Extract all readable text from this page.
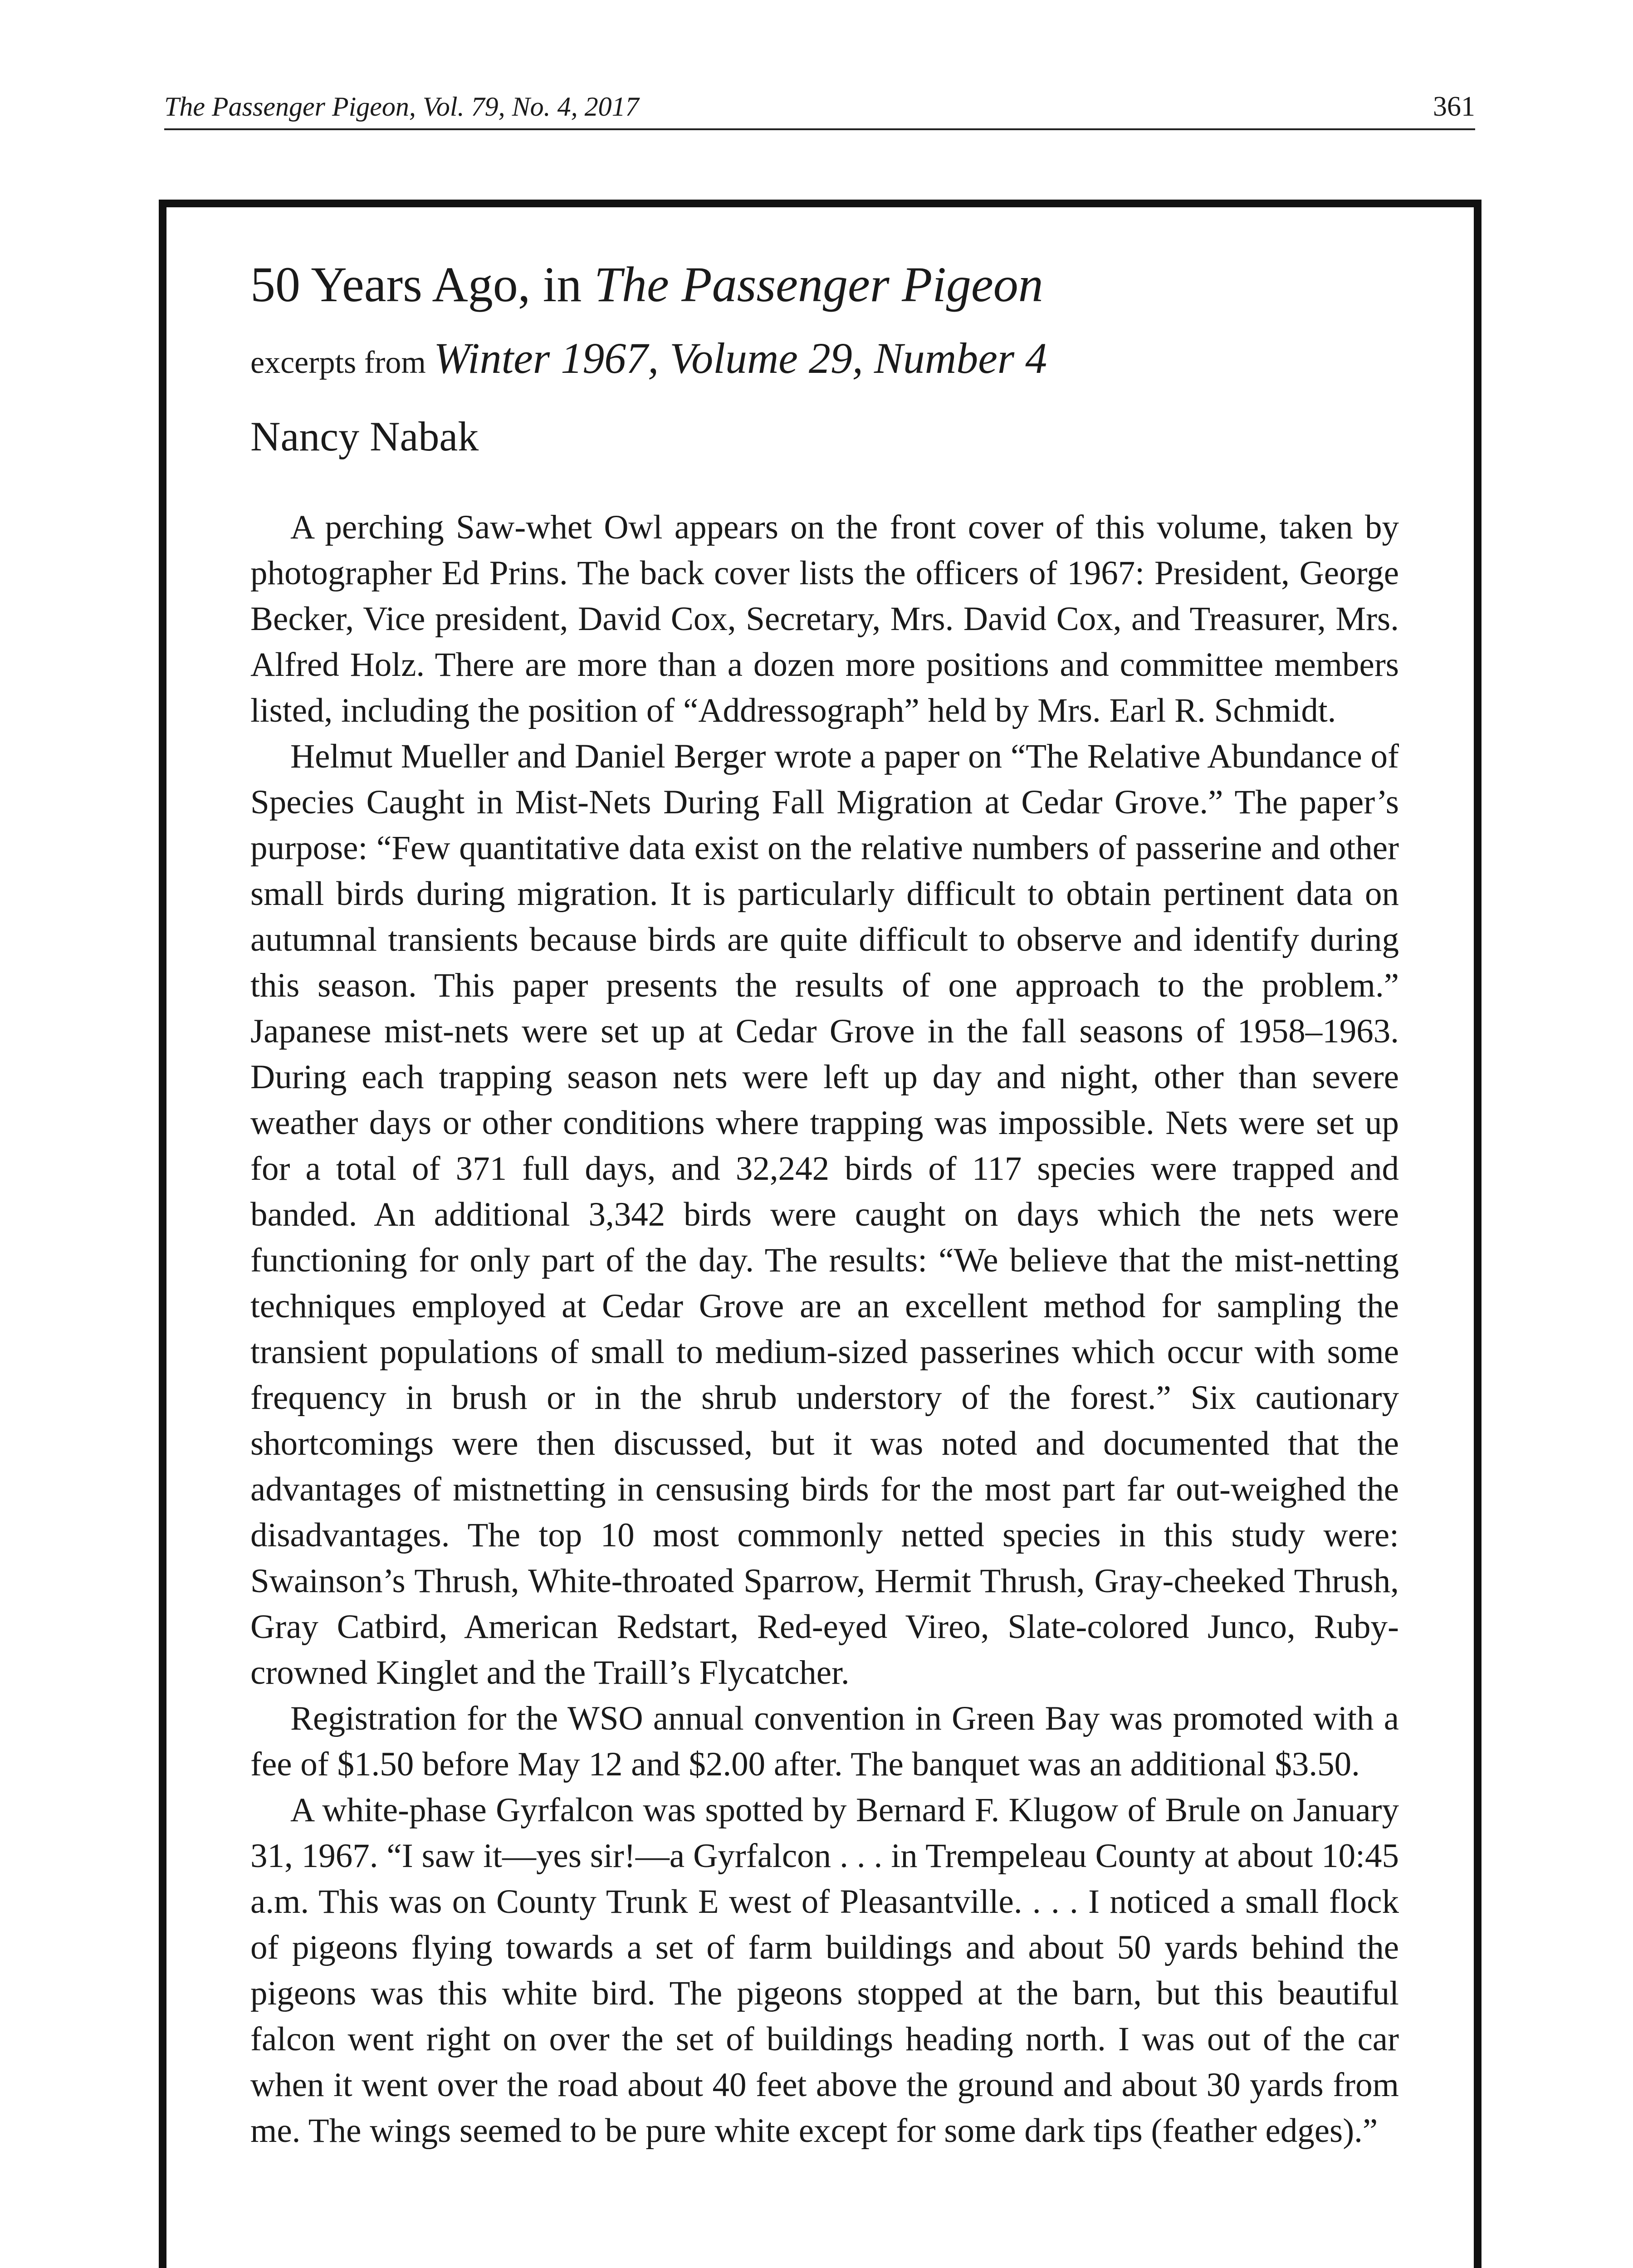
The Passenger Pigeon, Vol. 79, No. 4, 2017	361
50 Years Ago, in The Passenger Pigeon
excerpts from Winter 1967, Volume 29, Number 4
Nancy Nabak

A perching Saw-whet Owl appears on the front cover of this volume, taken by photographer Ed Prins. The back cover lists the officers of 1967: President, George Becker, Vice president, David Cox, Secretary, Mrs. David Cox, and Treasurer, Mrs. Alfred Holz. There are more than a dozen more positions and committee members listed, including the position of “Addressograph” held by Mrs. Earl R. Schmidt.

Helmut Mueller and Daniel Berger wrote a paper on “The Relative Abundance of Species Caught in Mist-Nets During Fall Migration at Cedar Grove.” The paper’s purpose: “Few quantitative data exist on the relative numbers of passerine and other small birds during migration. It is particularly difficult to obtain pertinent data on autumnal transients because birds are quite difficult to observe and identify during this season. This paper presents the results of one approach to the problem.” Japanese mist-nets were set up at Cedar Grove in the fall seasons of 1958–1963. During each trapping season nets were left up day and night, other than severe weather days or other conditions where trapping was impossible. Nets were set up for a total of 371 full days, and 32,242 birds of 117 species were trapped and banded. An additional 3,342 birds were caught on days which the nets were functioning for only part of the day. The results: “We believe that the mist-netting techniques employed at Cedar Grove are an excellent method for sampling the transient populations of small to medium-sized passerines which occur with some frequency in brush or in the shrub understory of the forest.” Six cautionary shortcomings were then discussed, but it was noted and documented that the advantages of mistnetting in censusing birds for the most part far out-weighed the disadvantages. The top 10 most commonly netted species in this study were: Swainson’s Thrush, White-throated Sparrow, Hermit Thrush, Gray-cheeked Thrush, Gray Catbird, American Redstart, Red-eyed Vireo, Slate-colored Junco, Rubycrowned Kinglet and the Traill’s Flycatcher.

Registration for the WSO annual convention in Green Bay was promoted with a fee of $1.50 before May 12 and $2.00 after. The banquet was an additional $3.50.

A white-phase Gyrfalcon was spotted by Bernard F. Klugow of Brule on January 31, 1967. “I saw it—yes sir!—a Gyrfalcon . . . in Trempeleau County at about 10:45 a.m. This was on County Trunk E west of Pleasantville. . . . I noticed a small flock of pigeons flying towards a set of farm buildings and about 50 yards behind the pigeons was this white bird. The pigeons stopped at the barn, but this beautiful falcon went right on over the set of buildings heading north. I was out of the car when it went over the road about 40 feet above the ground and about 30 yards from me. The wings seemed to be pure white except for some dark tips (feather edges).”
